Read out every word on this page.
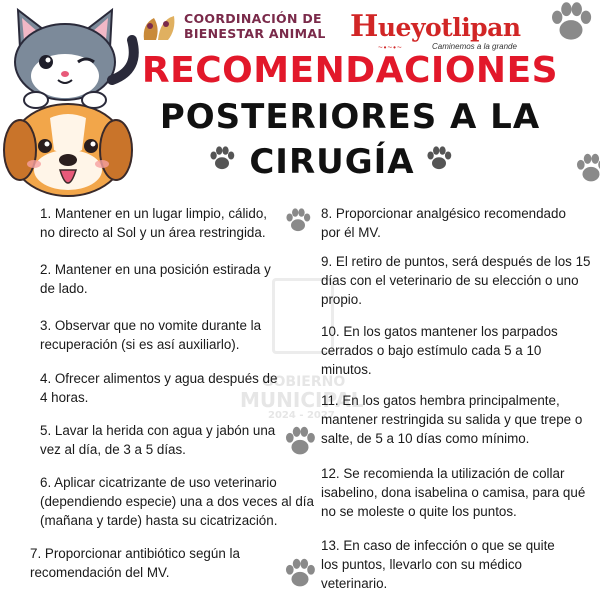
GOBIERNO
MUNICIPAL
2024 - 2027
COORDINACIÓN DE
BIENESTAR ANIMAL Hueyotlipan
~•~•~	Caminemos a la grande
RECOMENDACIONES
POSTERIORES A LA
CIRUGÍA
1. Mantener en un lugar limpio, cálido, no directo al Sol y un área restringida.
2. Mantener en una posición estirada y de lado.
3. Observar que no vomite durante la recuperación (si es así auxiliarlo).
4. Ofrecer alimentos y agua después de 4 horas.
5. Lavar la herida con agua y jabón una vez al día, de 3 a 5 días.
6. Aplicar cicatrizante de uso veterinario (dependiendo especie) una a dos veces al día (mañana y tarde) hasta su cicatrización.
7. Proporcionar antibiótico según la recomendación del MV.
8. Proporcionar analgésico recomendado por él MV.
9. El retiro de puntos, será después de los 15 días con el veterinario de su elección o uno propio.
10. En los gatos mantener los parpados cerrados o bajo estímulo cada 5 a 10 minutos.
11. En los gatos hembra principalmente, mantener restringida su salida y que trepe o salte, de 5 a 10 días como mínimo.
12. Se recomienda la utilización de collar isabelino, dona isabelina o camisa, para qué no se moleste o quite los puntos.
13. En caso de infección o que se quite los puntos, llevarlo con su médico veterinario.
